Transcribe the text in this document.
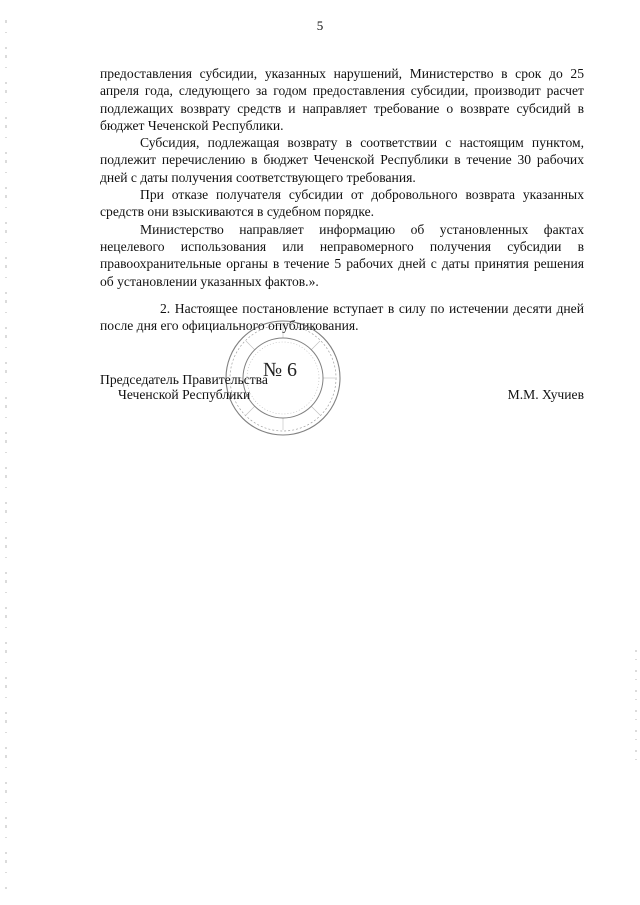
5

предоставления субсидии, указанных нарушений, Министерство в срок до 25 апреля года, следующего за годом предоставления субсидии, производит расчет подлежащих возврату средств и направляет требование о возврате субсидий в бюджет Чеченской Республики.

Субсидия, подлежащая возврату в соответствии с настоящим пунктом, подлежит перечислению в бюджет Чеченской Республики в течение 30 рабочих дней с даты получения соответствующего требования.

При отказе получателя субсидии от добровольного возврата указанных средств они взыскиваются в судебном порядке.

Министерство направляет информацию об установленных фактах нецелевого использования или неправомерного получения субсидии в правоохранительные органы в течение 5 рабочих дней с даты принятия решения об установлении указанных фактов.».

2. Настоящее постановление вступает в силу по истечении десяти дней после дня его официального опубликования.

№ 6
Председатель Правительства
Чеченской Республики	М.М. Хучиев
